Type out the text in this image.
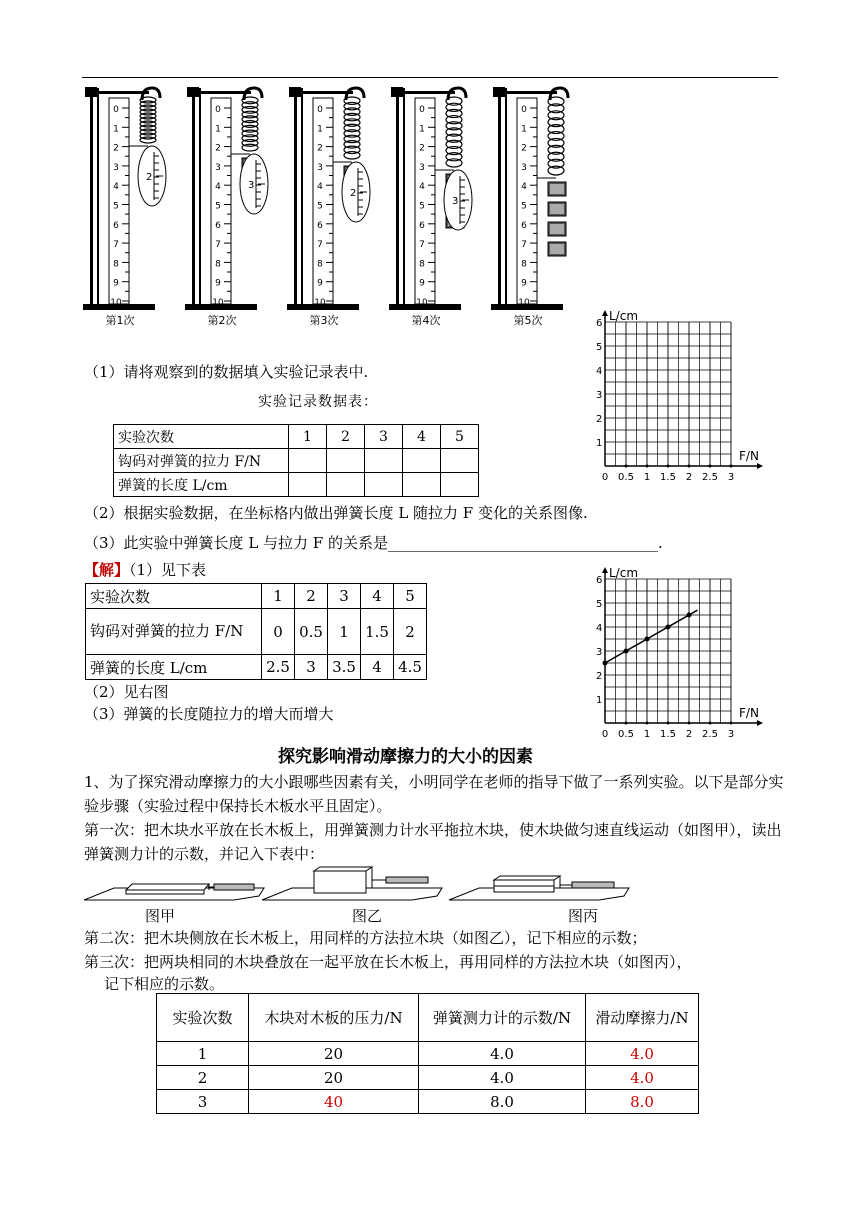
0
1
2
3
4
5
6
7
8
9
10
2
第1次
0
1
2
3
4
5
6
7
8
9
10
3
第2次
0
1
2
3
4
5
6
7
8
9
10
2
第3次
0
1
2
3
4
5
6
7
8
9
10
3
第4次
0
1
2
3
4
5
6
7
8
9
10
第5次	L/cm
F/N
1
2
3
4
5
6
0 0.5 1 1.5 2 2.5 3
（1）请将观察到的数据填入实验记录表中.
实验记录数据表：
实验次数	1	2	3	4	5
钩码对弹簧的拉力 F/N					
弹簧的长度 L/cm					
（2）根据实验数据，在坐标格内做出弹簧长度 L 随拉力 F 变化的关系图像.
（3）此实验中弹簧长度 L 与拉力 F 的关系是____________________________________.
【解】（1）见下表
实验次数	1	2	3	4	5
钩码对弹簧的拉力 F/N	0	0.5	1	1.5	2
弹簧的长度 L/cm	2.5	3	3.5	4	4.5
（2）见右图
（3）弹簧的长度随拉力的增大而增大
L/cm
F/N
1
2
3
4
5
6
0 0.5 1 1.5 2 2.5 3
探究影响滑动摩擦力的大小的因素
1、为了探究滑动摩擦力的大小跟哪些因素有关，小明同学在老师的指导下做了一系列实验。以下是部分实验步骤（实验过程中保持长木板水平且固定）。
第一次：把木块水平放在长木板上，用弹簧测力计水平拖拉木块，使木块做匀速直线运动（如图甲），读出弹簧测力计的示数，并记入下表中：
图甲	图乙	图丙
第二次：把木块侧放在长木板上，用同样的方法拉木块（如图乙），记下相应的示数；
第三次：把两块相同的木块叠放在一起平放在长木板上，再用同样的方法拉木块（如图丙），
记下相应的示数。
实验次数	木块对木板的压力/N	弹簧测力计的示数/N	滑动摩擦力/N
1	20	4.0	4.0
2	20	4.0	4.0
3	40	8.0	8.0
